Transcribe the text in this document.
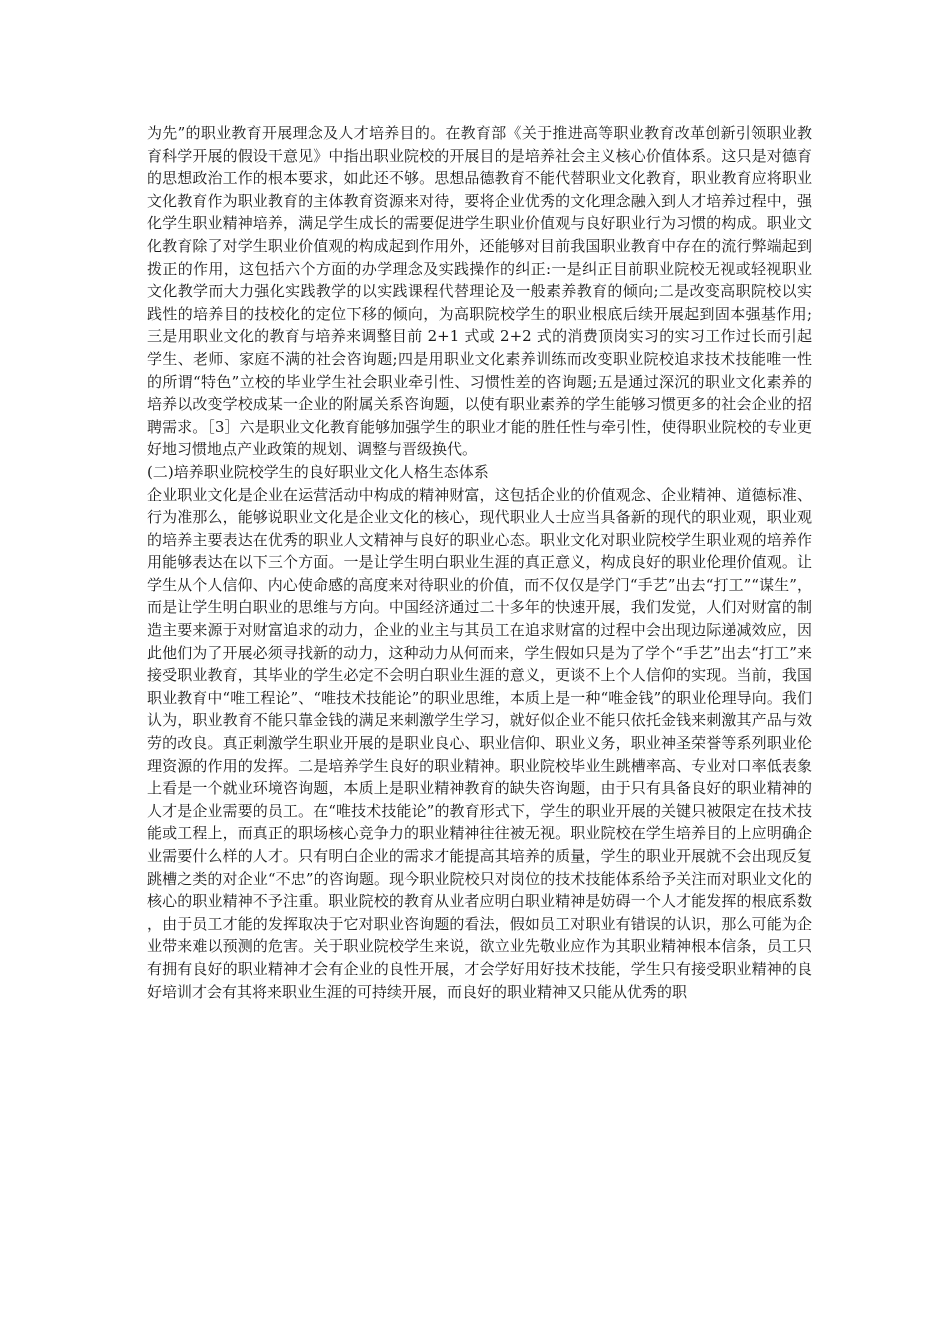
为先”的职业教育开展理念及人才培养目的。在教育部《关于推进高等职业教育改革创新引领职业教育科学开展的假设干意见》中指出职业院校的开展目的是培养社会主义核心价值体系。这只是对德育的思想政治工作的根本要求，如此还不够。思想品德教育不能代替职业文化教育，职业教育应将职业文化教育作为职业教育的主体教育资源来对待，要将企业优秀的文化理念融入到人才培养过程中，强化学生职业精神培养，满足学生成长的需要促进学生职业价值观与良好职业行为习惯的构成。职业文化教育除了对学生职业价值观的构成起到作用外，还能够对目前我国职业教育中存在的流行弊端起到拨正的作用，这包括六个方面的办学理念及实践操作的纠正:一是纠正目前职业院校无视或轻视职业文化教学而大力强化实践教学的以实践课程代替理论及一般素养教育的倾向;二是改变高职院校以实践性的培养目的技校化的定位下移的倾向，为高职院校学生的职业根底后续开展起到固本强基作用;三是用职业文化的教育与培养来调整目前 2+1 式或 2+2 式的消费顶岗实习的实习工作过长而引起学生、老师、家庭不满的社会咨询题;四是用职业文化素养训练而改变职业院校追求技术技能唯一性的所谓“特色”立校的毕业学生社会职业牵引性、习惯性差的咨询题;五是通过深沉的职业文化素养的培养以改变学校成某一企业的附属关系咨询题，以使有职业素养的学生能够习惯更多的社会企业的招聘需求。［3］六是职业文化教育能够加强学生的职业才能的胜任性与牵引性，使得职业院校的专业更好地习惯地点产业政策的规划、调整与晋级换代。

(二)培养职业院校学生的良好职业文化人格生态体系

企业职业文化是企业在运营活动中构成的精神财富，这包括企业的价值观念、企业精神、道德标准、行为准那么，能够说职业文化是企业文化的核心，现代职业人士应当具备新的现代的职业观，职业观的培养主要表达在优秀的职业人文精神与良好的职业心态。职业文化对职业院校学生职业观的培养作用能够表达在以下三个方面。一是让学生明白职业生涯的真正意义，构成良好的职业伦理价值观。让学生从个人信仰、内心使命感的高度来对待职业的价值，而不仅仅是学门“手艺”出去“打工”“谋生”，而是让学生明白职业的思维与方向。中国经济通过二十多年的快速开展，我们发觉，人们对财富的制造主要来源于对财富追求的动力，企业的业主与其员工在追求财富的过程中会出现边际递减效应，因此他们为了开展必须寻找新的动力，这种动力从何而来，学生假如只是为了学个“手艺”出去“打工”来接受职业教育，其毕业的学生必定不会明白职业生涯的意义，更谈不上个人信仰的实现。当前，我国职业教育中“唯工程论”、“唯技术技能论”的职业思维，本质上是一种“唯金钱”的职业伦理导向。我们认为，职业教育不能只靠金钱的满足来刺激学生学习，就好似企业不能只依托金钱来刺激其产品与效劳的改良。真正刺激学生职业开展的是职业良心、职业信仰、职业义务，职业神圣荣誉等系列职业伦理资源的作用的发挥。二是培养学生良好的职业精神。职业院校毕业生跳槽率高、专业对口率低表象上看是一个就业环境咨询题，本质上是职业精神教育的缺失咨询题，由于只有具备良好的职业精神的人才是企业需要的员工。在“唯技术技能论”的教育形式下，学生的职业开展的关键只被限定在技术技能或工程上，而真正的职场核心竞争力的职业精神往往被无视。职业院校在学生培养目的上应明确企业需要什么样的人才。只有明白企业的需求才能提高其培养的质量，学生的职业开展就不会出现反复跳槽之类的对企业“不忠”的咨询题。现今职业院校只对岗位的技术技能体系给予关注而对职业文化的核心的职业精神不予注重。职业院校的教育从业者应明白职业精神是妨碍一个人才能发挥的根底系数，由于员工才能的发挥取决于它对职业咨询题的看法，假如员工对职业有错误的认识，那么可能为企业带来难以预测的危害。关于职业院校学生来说，欲立业先敬业应作为其职业精神根本信条，员工只有拥有良好的职业精神才会有企业的良性开展，才会学好用好技术技能，学生只有接受职业精神的良好培训才会有其将来职业生涯的可持续开展，而良好的职业精神又只能从优秀的职
